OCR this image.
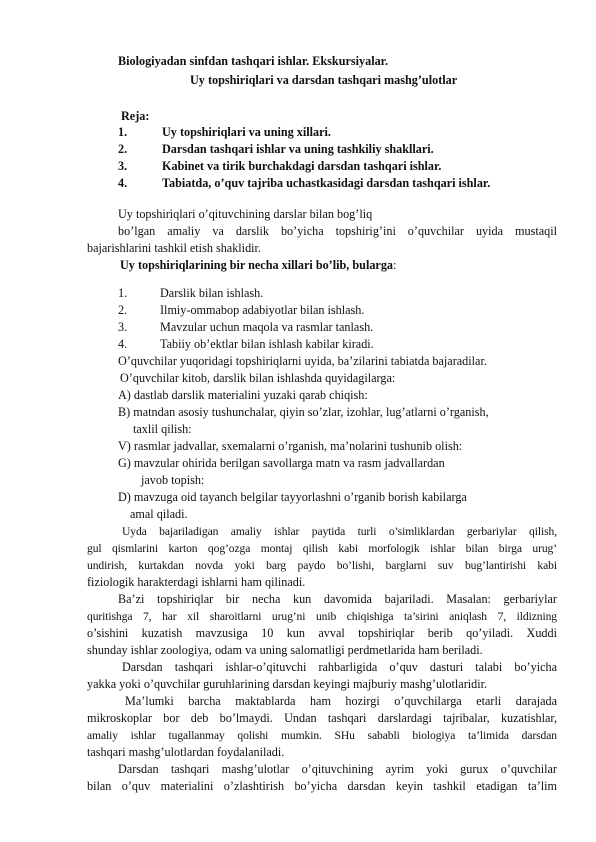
Biologiyadan sinfdan tashqari ishlar. Ekskursiyalar.
Uy topshiriqlari va darsdan tashqari mashg’ulotlar
Reja:
1.	Uy topshiriqlari va uning xillari.
2.	Darsdan tashqari ishlar va uning tashkiliy shakllari.
3.	Kabinet va tirik burchakdagi darsdan tashqari ishlar.
4.	Tabiatda, o’quv tajriba uchastkasidagi darsdan tashqari ishlar.
Uy topshiriqlari o’qituvchining darslar bilan bog’liq
bo’lgan amaliy va darslik bo’yicha topshirig’ini o’quvchilar uyida mustaqil
bajarishlarini tashkil etish shaklidir.
Uy topshiriqlarining bir necha xillari bo’lib, bularga:
1.	Darslik bilan ishlash.
2.	Ilmiy-ommabop adabiyotlar bilan ishlash.
3.	Mavzular uchun maqola va rasmlar tanlash.
4.	Tabiiy ob’ektlar bilan ishlash kabilar kiradi.
O’quvchilar yuqoridagi topshiriqlarni uyida, ba’zilarini tabiatda bajaradilar.
O’quvchilar kitob, darslik bilan ishlashda quyidagilarga:
A) dastlab darslik materialini yuzaki qarab chiqish:
B) matndan asosiy tushunchalar, qiyin so’zlar, izohlar, lug’atlarni o’rganish,
taxlil qilish:
V) rasmlar jadvallar, sxemalarni o’rganish, ma’nolarini tushunib olish:
G) mavzular ohirida berilgan savollarga matn va rasm jadvallardan
javob topish:
D) mavzuga oid tayanch belgilar tayyorlashni o’rganib borish kabilarga
amal qiladi.
Uyda bajariladigan amaliy ishlar paytida turli o’simliklardan gerbariylar qilish,
gul qismlarini karton qog’ozga montaj qilish kabi morfologik ishlar bilan birga urug’
undirish, kurtakdan novda yoki barg paydo bo’lishi, barglarni suv bug’lantirishi kabi
fiziologik harakterdagi ishlarni ham qilinadi.
Ba’zi topshiriqlar bir necha kun davomida bajariladi. Masalan: gerbariylar
quritishga 7, har xil sharoitlarni urug’ni unib chiqishiga ta’sirini aniqlash 7, ildizning
o’sishini kuzatish mavzusiga 10 kun avval topshiriqlar berib qo’yiladi. Xuddi
shunday ishlar zoologiya, odam va uning salomatligi perdmetlarida ham beriladi.
Darsdan tashqari ishlar-o’qituvchi rahbarligida o’quv dasturi talabi bo’yicha
yakka yoki o’quvchilar guruhlarining darsdan keyingi majburiy mashg’ulotlaridir.
Ma’lumki barcha maktablarda ham hozirgi o’quvchilarga etarli darajada
mikroskoplar bor deb bo’lmaydi. Undan tashqari darslardagi tajribalar, kuzatishlar,
amaliy ishlar tugallanmay qolishi mumkin. SHu sababli biologiya ta’limida darsdan
tashqari mashg’ulotlardan foydalaniladi.
Darsdan tashqari mashg’ulotlar o’qituvchining ayrim yoki gurux o’quvchilar
bilan o’quv materialini o’zlashtirish bo’yicha darsdan keyin tashkil etadigan ta’lim
